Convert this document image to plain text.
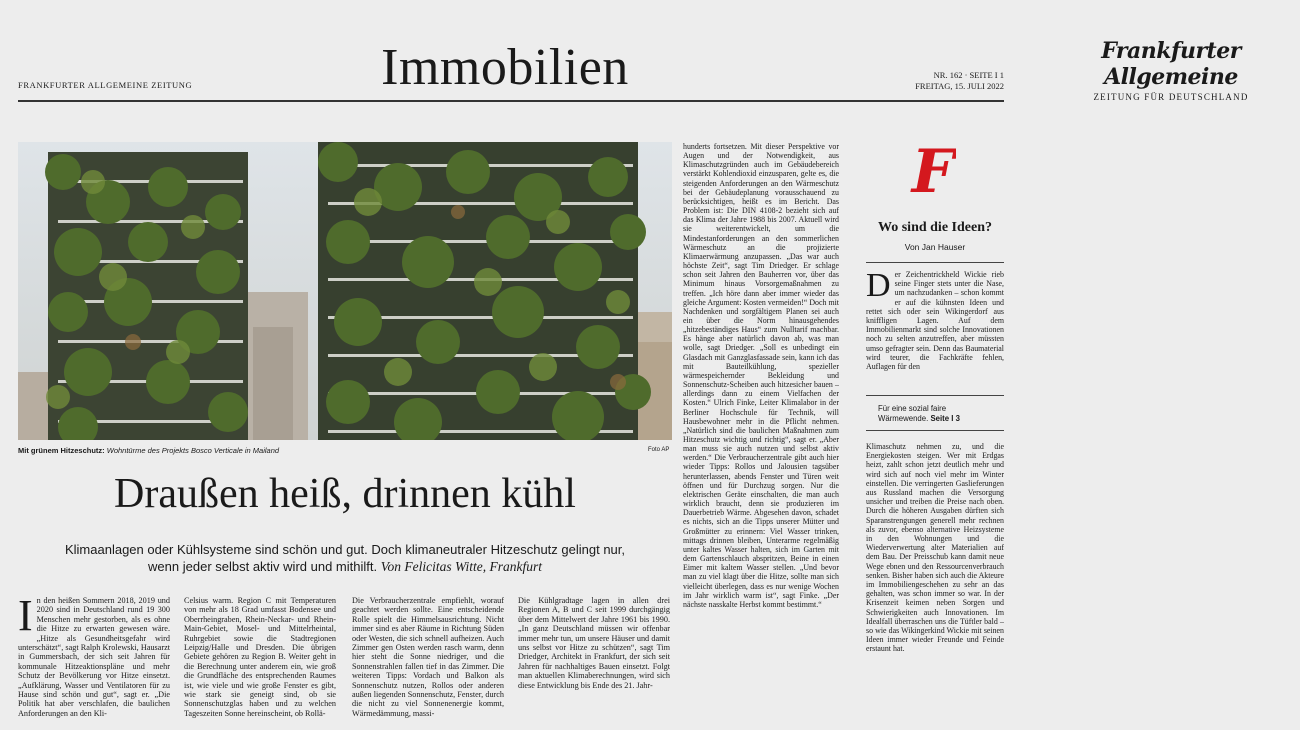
FRANKFURTER ALLGEMEINE ZEITUNG	Immobilien	NR. 162 · SEITE I 1
FREITAG, 15. JULI 2022
Frankfurter Allgemeine
ZEITUNG FÜR DEUTSCHLAND
Mit grünem Hitzeschutz: Wohntürme des Projekts Bosco Verticale in Mailand	Foto AP
Draußen heiß, drinnen kühl
Klimaanlagen oder Kühlsysteme sind schön und gut. Doch klimaneutraler Hitzeschutz gelingt nur,
wenn jeder selbst aktiv wird und mithilft. Von Felicitas Witte, Frankfurt
In den heißen Sommern 2018, 2019 und 2020 sind in Deutschland rund 19 300 Menschen mehr gestorben, als es ohne die Hitze zu erwarten gewesen wäre. „Hitze als Gesundheitsgefahr wird unterschätzt“, sagt Ralph Krolewski, Hausarzt in Gummersbach, der sich seit Jahren für kommunale Hitzeaktionspläne und mehr Schutz der Bevölkerung vor Hitze einsetzt. „Aufklärung, Wasser und Ventilatoren für zu Hause sind schön und gut“, sagt er. „Die Politik hat aber verschlafen, die baulichen Anforderungen an den Kli-
Celsius warm. Region C mit Temperaturen von mehr als 18 Grad umfasst Bodensee und Oberrheingraben, Rhein-Neckar- und Rhein-Main-Gebiet, Mosel- und Mittelrheintal, Ruhrgebiet sowie die Stadtregionen Leipzig/Halle und Dresden. Die übrigen Gebiete gehören zu Region B. Weiter geht in die Berechnung unter anderem ein, wie groß die Grundfläche des entsprechenden Raumes ist, wie viele und wie große Fenster es gibt, wie stark sie geneigt sind, ob sie Sonnenschutzglas haben und zu welchen Tageszeiten Sonne hereinscheint, ob Rollä-
Die Verbraucherzentrale empfiehlt, worauf geachtet werden sollte. Eine entscheidende Rolle spielt die Himmelsausrichtung. Nicht immer sind es aber Räume in Richtung Süden oder Westen, die sich schnell aufheizen. Auch Zimmer gen Osten werden rasch warm, denn hier steht die Sonne niedriger, und die Sonnenstrahlen fallen tief in das Zimmer. Die weiteren Tipps: Vordach und Balkon als Sonnenschutz nutzen, Rollos oder anderen außen liegenden Sonnenschutz, Fenster, durch die nicht zu viel Sonnenenergie kommt, Wärmedämmung, massi-
Die Kühlgradtage lagen in allen drei Regionen A, B und C seit 1999 durchgängig über dem Mittelwert der Jahre 1961 bis 1990. „In ganz Deutschland müssen wir offenbar immer mehr tun, um unsere Häuser und damit uns selbst vor Hitze zu schützen“, sagt Tim Driedger, Architekt in Frankfurt, der sich seit Jahren für nachhaltiges Bauen einsetzt. Folgt man aktuellen Klimaberechnungen, wird sich diese Entwicklung bis Ende des 21. Jahr-
hunderts fortsetzen. Mit dieser Perspektive vor Augen und der Notwendigkeit, aus Klimaschutzgründen auch im Gebäudebereich verstärkt Kohlendioxid einzusparen, gelte es, die steigenden Anforderungen an den Wärmeschutz bei der Gebäudeplanung vorausschauend zu berücksichtigen, heißt es im Bericht. Das Problem ist: Die DIN 4108-2 bezieht sich auf das Klima der Jahre 1988 bis 2007. Aktuell wird sie weiterentwickelt, um die Mindestanforderungen an den sommerlichen Wärmeschutz an die projizierte Klimaerwärmung anzupassen. „Das war auch höchste Zeit“, sagt Tim Driedger. Er schlage schon seit Jahren den Bauherren vor, über das Minimum hinaus Vorsorgemaßnahmen zu treffen. „Ich höre dann aber immer wieder das gleiche Argument: Kosten vermeiden!“ Doch mit Nachdenken und sorgfältigem Planen sei auch ein über die Norm hinausgehendes „hitzebeständiges Haus“ zum Nulltarif machbar. Es hänge aber natürlich davon ab, was man wolle, sagt Driedger. „Soll es unbedingt ein Glasdach mit Ganzglasfassade sein, kann ich das mit Bauteilkühlung, spezieller wärmespeichernder Bekleidung und Sonnenschutz-Scheiben auch hitzesicher bauen – allerdings dann zu einem Vielfachen der Kosten.“ Ulrich Finke, Leiter Klimalabor in der Berliner Hochschule für Technik, will Hausbewohner mehr in die Pflicht nehmen. „Natürlich sind die baulichen Maßnahmen zum Hitzeschutz wichtig und richtig“, sagt er. „Aber man muss sie auch nutzen und selbst aktiv werden.“ Die Verbraucherzentrale gibt auch hier wieder Tipps: Rollos und Jalousien tagsüber herunterlassen, abends Fenster und Türen weit öffnen und für Durchzug sorgen. Nur die elektrischen Geräte einschalten, die man auch wirklich braucht, denn sie produzieren im Dauerbetrieb Wärme. Abgesehen davon, schadet es nichts, sich an die Tipps unserer Mütter und Großmütter zu erinnern: Viel Wasser trinken, mittags drinnen bleiben, Unterarme regelmäßig unter kaltes Wasser halten, sich im Garten mit dem Gartenschlauch abspritzen, Beine in einen Eimer mit kaltem Wasser stellen. „Und bevor man zu viel klagt über die Hitze, sollte man sich vielleicht überlegen, dass es nur wenige Wochen im Jahr wirklich warm ist“, sagt Finke. „Der nächste nasskalte Herbst kommt bestimmt.“
F
Wo sind die Ideen?
Von Jan Hauser
Der Zeichentrickheld Wickie rieb seine Finger stets unter die Nase, um nachzudanken – schon kommt er auf die kühnsten Ideen und rettet sich oder sein Wikingerdorf aus kniffligen Lagen. Auf dem Immobilienmarkt sind solche Innovationen noch zu selten anzutreffen, aber müssten umso gefragter sein. Denn das Baumaterial wird teurer, die Fachkräfte fehlen, Auflagen für den
Für eine sozial faire
Wärmewende. Seite I 3
Klimaschutz nehmen zu, und die Energiekosten steigen. Wer mit Erdgas heizt, zahlt schon jetzt deutlich mehr und wird sich auf noch viel mehr im Winter einstellen. Die verringerten Gaslieferungen aus Russland machen die Versorgung unsicher und treiben die Preise nach oben. Durch die höheren Ausgaben dürften sich Sparanstrengungen generell mehr rechnen als zuvor, ebenso alternative Heizsysteme in den Wohnungen und die Wiederverwertung alter Materialien auf dem Bau. Der Preisschub kann damit neue Wege ebnen und den Ressourcenverbrauch senken. Bisher haben sich auch die Akteure im Immobiliengeschehen zu sehr an das gehalten, was schon immer so war. In der Krisenzeit keimen neben Sorgen und Schwierigkeiten auch Innovationen. Im Idealfall überraschen uns die Tüftler bald – so wie das Wikingerkind Wickie mit seinen Ideen immer wieder Freunde und Feinde erstaunt hat.
